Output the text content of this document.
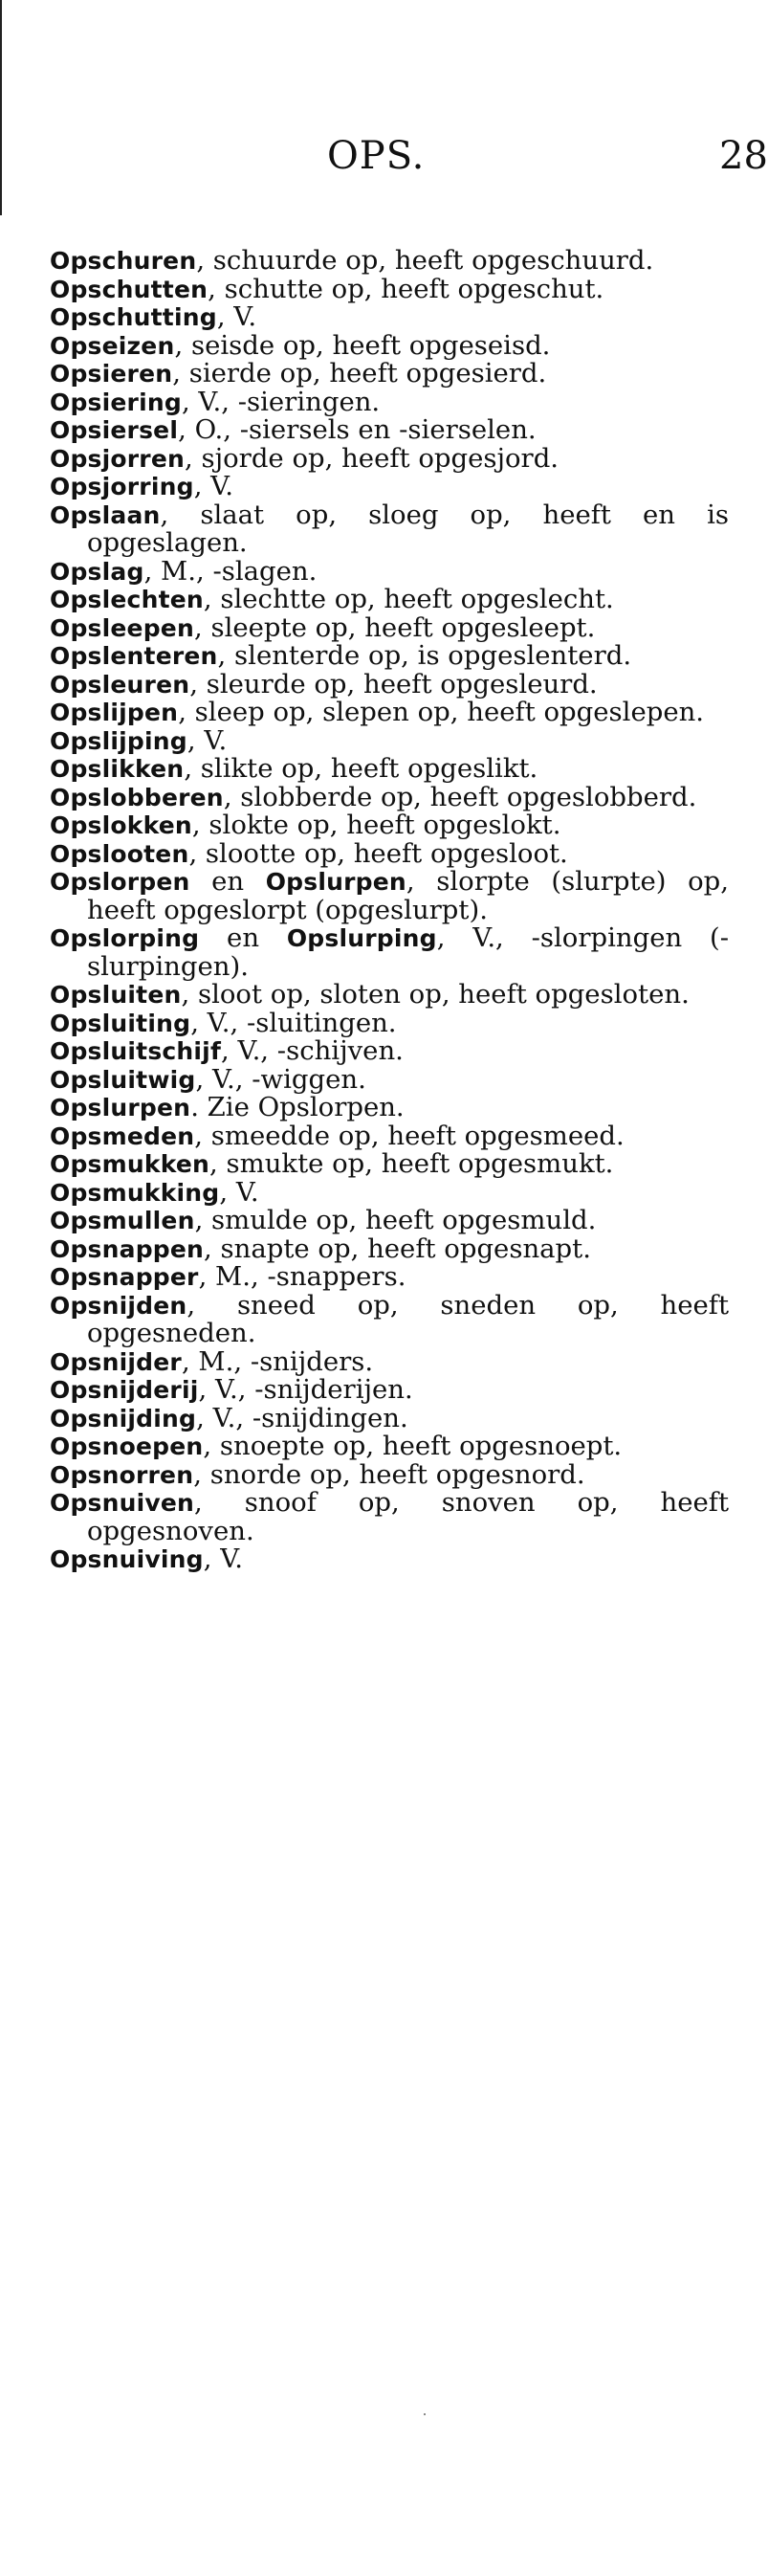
OPS.	28
Opschuren, schuurde op, heeft opgeschuurd.
Opschutten, schutte op, heeft opgeschut.
Opschutting, V.
Opseizen, seisde op, heeft opgeseisd.
Opsieren, sierde op, heeft opgesierd.
Opsiering, V., -sieringen.
Opsiersel, O., -siersels en -sierselen.
Opsjorren, sjorde op, heeft opgesjord.
Opsjorring, V.
Opslaan, slaat op, sloeg op, heeft en is opgeslagen.
Opslag, M., -slagen.
Opslechten, slechtte op, heeft opgeslecht.
Opsleepen, sleepte op, heeft opgesleept.
Opslenteren, slenterde op, is opgeslenterd.
Opsleuren, sleurde op, heeft opgesleurd.
Opslijpen, sleep op, slepen op, heeft opgeslepen.
Opslijping, V.
Opslikken, slikte op, heeft opgeslikt.
Opslobberen, slobberde op, heeft opgeslobberd.
Opslokken, slokte op, heeft opgeslokt.
Opslooten, slootte op, heeft opgesloot.
Opslorpen en Opslurpen, slorpte (slurpte) op, heeft opgeslorpt (opgeslurpt).
Opslorping en Opslurping, V., -slorpingen (-slurpingen).
Opsluiten, sloot op, sloten op, heeft opgesloten.
Opsluiting, V., -sluitingen.
Opsluitschijf, V., -schijven.
Opsluitwig, V., -wiggen.
Opslurpen. Zie Opslorpen.
Opsmeden, smeedde op, heeft opgesmeed.
Opsmukken, smukte op, heeft opgesmukt.
Opsmukking, V.
Opsmullen, smulde op, heeft opgesmuld.
Opsnappen, snapte op, heeft opgesnapt.
Opsnapper, M., -snappers.
Opsnijden, sneed op, sneden op, heeft opgesneden.
Opsnijder, M., -snijders.
Opsnijderij, V., -snijderijen.
Opsnijding, V., -snijdingen.
Opsnoepen, snoepte op, heeft opgesnoept.
Opsnorren, snorde op, heeft opgesnord.
Opsnuiven, snoof op, snoven op, heeft opgesnoven.
Opsnuiving, V.
